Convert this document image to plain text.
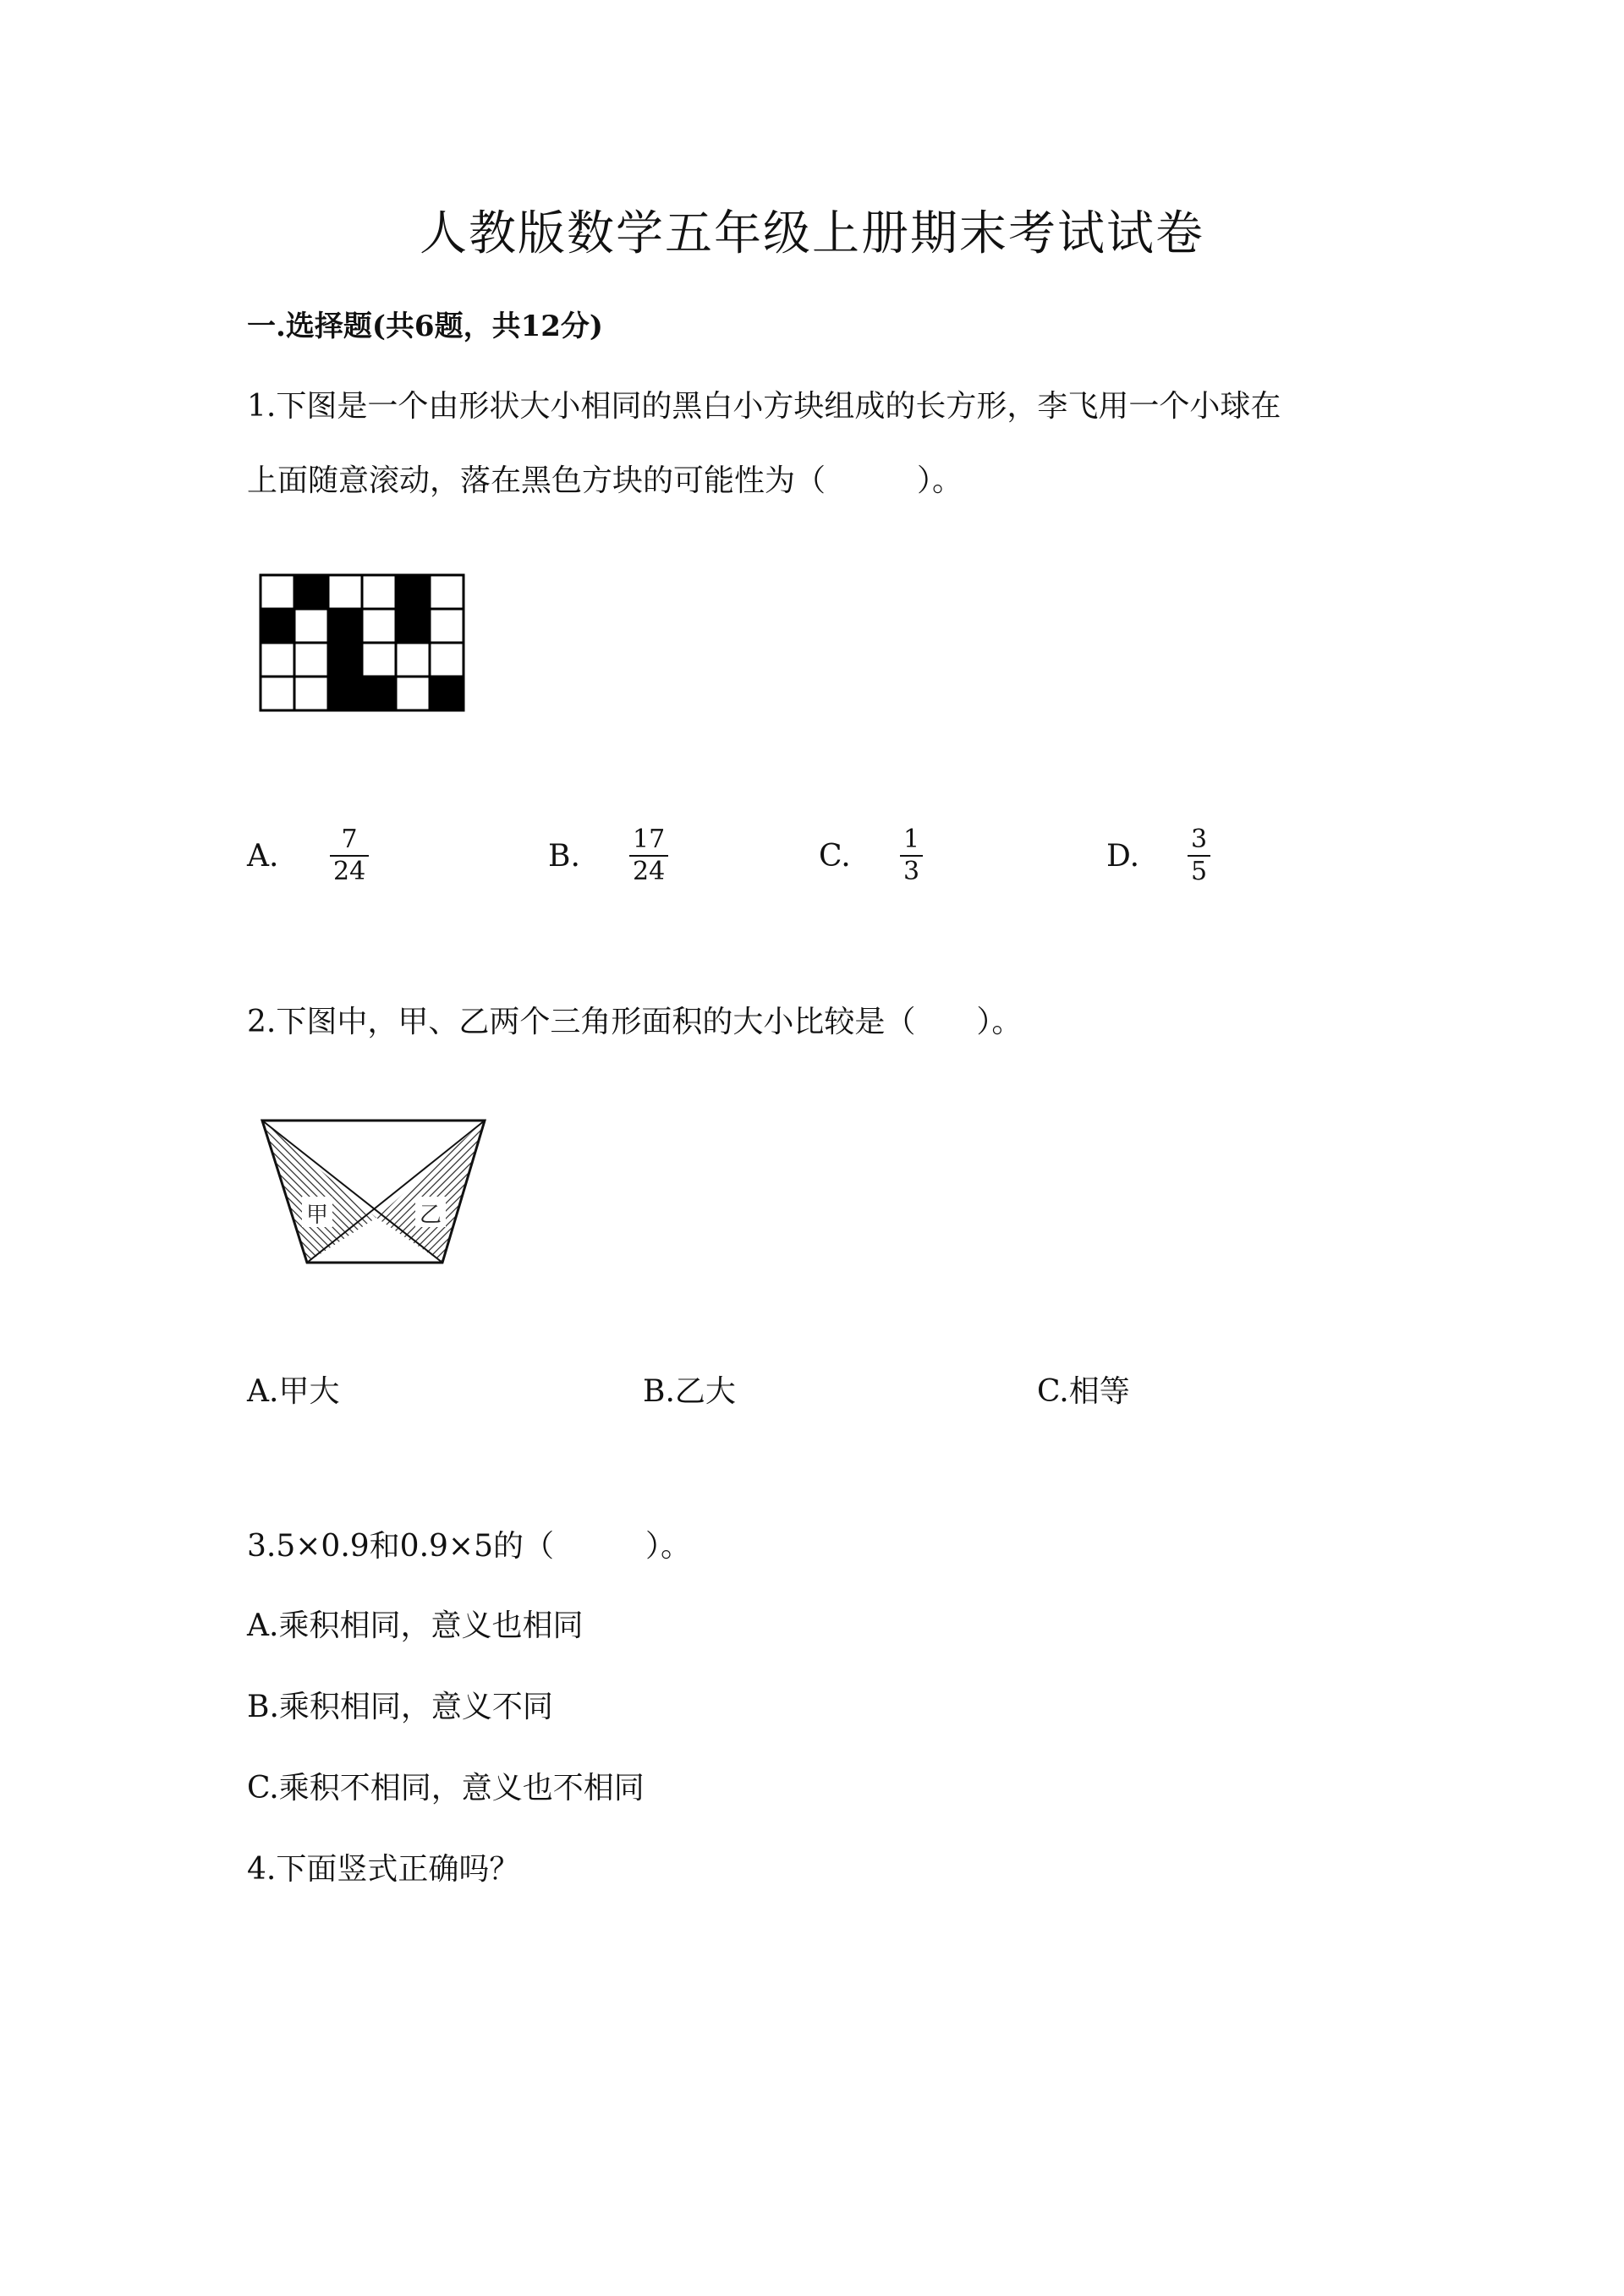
人教版数学五年级上册期末考试试卷
一.选择题(共6题，共12分)
1.下图是一个由形状大小相同的黑白小方块组成的长方形，李飞用一个小球在
上面随意滚动，落在黑色方块的可能性为（　　　）。
A. 7
24	B. 17
24	C. 1
3	D. 3
5
2.下图中，甲、乙两个三角形面积的大小比较是（　　）。
甲	乙
A.甲大	B.乙大	C.相等
3.5×0.9和0.9×5的（　　　）。
A.乘积相同，意义也相同
B.乘积相同，意义不同
C.乘积不相同，意义也不相同
4.下面竖式正确吗？
